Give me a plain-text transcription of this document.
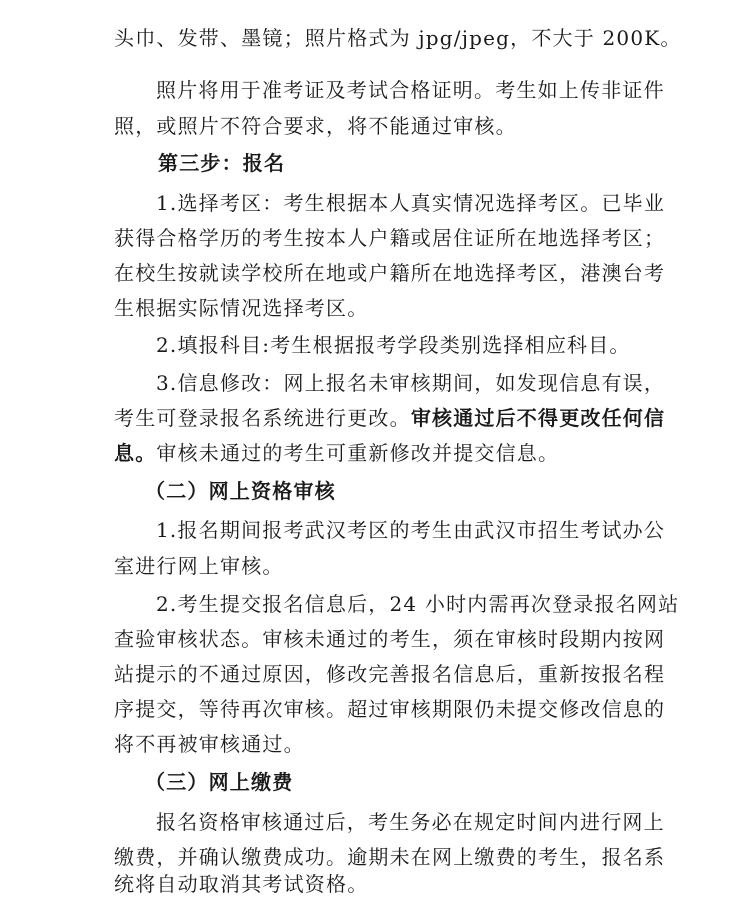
头巾、发带、墨镜；照片格式为 jpg/jpeg，不大于 200K。
照片将用于准考证及考试合格证明。考生如上传非证件
照，或照片不符合要求，将不能通过审核。
第三步：报名
1.选择考区：考生根据本人真实情况选择考区。已毕业
获得合格学历的考生按本人户籍或居住证所在地选择考区；
在校生按就读学校所在地或户籍所在地选择考区，港澳台考
生根据实际情况选择考区。
2.填报科目:考生根据报考学段类别选择相应科目。
3.信息修改：网上报名未审核期间，如发现信息有误，
考生可登录报名系统进行更改。审核通过后不得更改任何信
息。审核未通过的考生可重新修改并提交信息。
（二）网上资格审核
1.报名期间报考武汉考区的考生由武汉市招生考试办公
室进行网上审核。
2.考生提交报名信息后，24 小时内需再次登录报名网站
查验审核状态。审核未通过的考生，须在审核时段期内按网
站提示的不通过原因，修改完善报名信息后，重新按报名程
序提交，等待再次审核。超过审核期限仍未提交修改信息的
将不再被审核通过。
（三）网上缴费
报名资格审核通过后，考生务必在规定时间内进行网上
缴费，并确认缴费成功。逾期未在网上缴费的考生，报名系
统将自动取消其考试资格。
